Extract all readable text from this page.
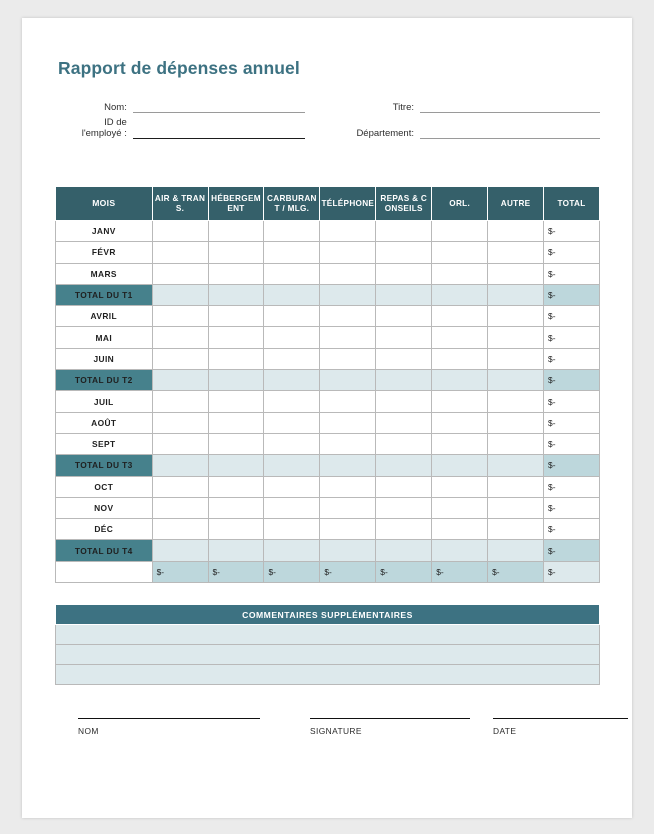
Rapport de dépenses annuel
Nom:	Titre:
ID de
l'employé :	Département:
MOIS	AIR & TRANS.	HÉBERGEMENT	CARBURANT / MLG.	TÉLÉPHONE	REPAS & CONSEILS	ORL.	AUTRE	TOTAL
JANV								$-
FÉVR								$-
MARS								$-
TOTAL DU T1								$-
AVRIL								$-
MAI								$-
JUIN								$-
TOTAL DU T2								$-
JUIL								$-
AOÛT								$-
SEPT								$-
TOTAL DU T3								$-
OCT								$-
NOV								$-
DÉC								$-
TOTAL DU T4								$-
	$-	$-	$-	$-	$-	$-	$-	$-
COMMENTAIRES SUPPLÉMENTAIRES

NOM	SIGNATURE	DATE
